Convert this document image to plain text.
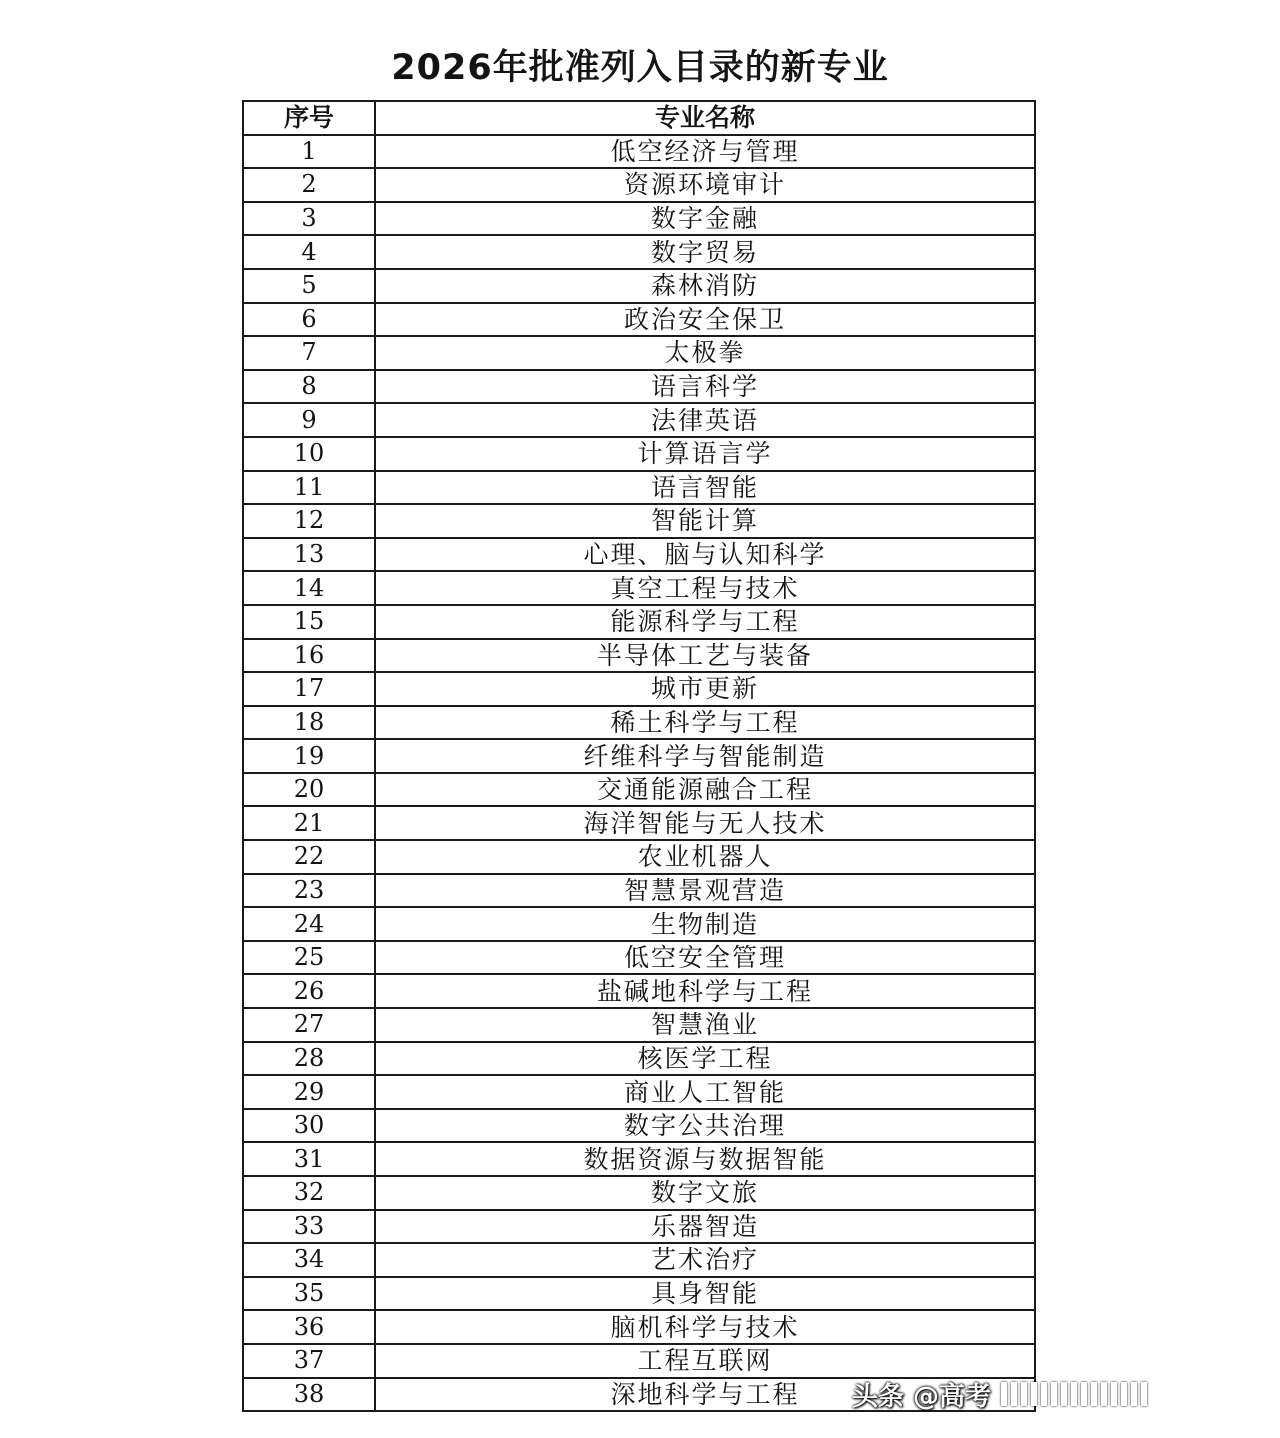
2026年批准列入目录的新专业
序号	专业名称
1	低空经济与管理
2	资源环境审计
3	数字金融
4	数字贸易
5	森林消防
6	政治安全保卫
7	太极拳
8	语言科学
9	法律英语
10	计算语言学
11	语言智能
12	智能计算
13	心理、脑与认知科学
14	真空工程与技术
15	能源科学与工程
16	半导体工艺与装备
17	城市更新
18	稀土科学与工程
19	纤维科学与智能制造
20	交通能源融合工程
21	海洋智能与无人技术
22	农业机器人
23	智慧景观营造
24	生物制造
25	低空安全管理
26	盐碱地科学与工程
27	智慧渔业
28	核医学工程
29	商业人工智能
30	数字公共治理
31	数据资源与数据智能
32	数字文旅
33	乐器智造
34	艺术治疗
35	具身智能
36	脑机科学与技术
37	工程互联网
38	深地科学与工程 头条 @高考
